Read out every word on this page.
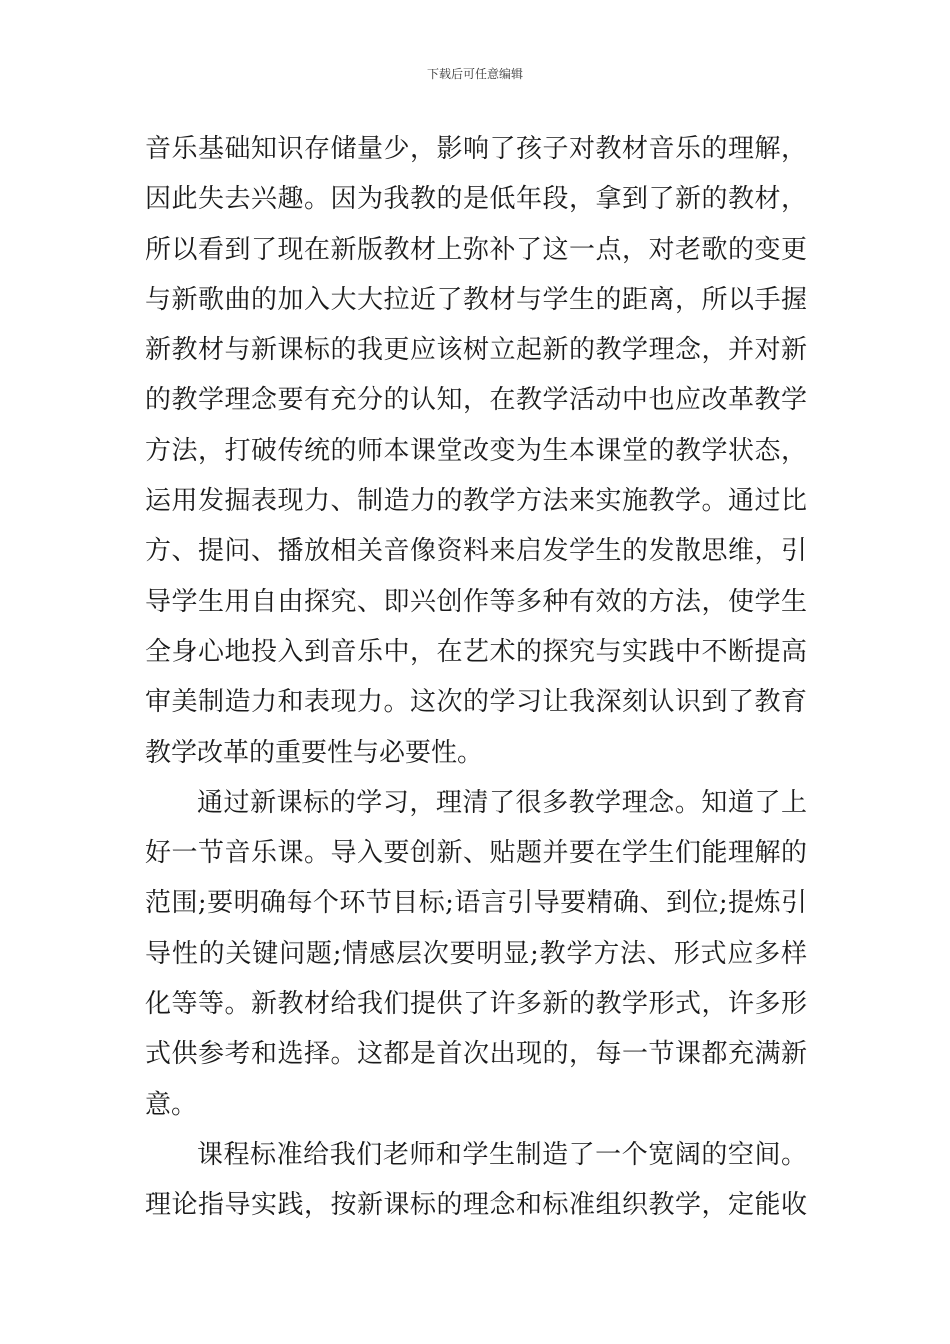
下载后可任意编辑
音乐基础知识存储量少，影响了孩子对教材音乐的理解，
因此失去兴趣。因为我教的是低年段，拿到了新的教材，
所以看到了现在新版教材上弥补了这一点，对老歌的变更
与新歌曲的加入大大拉近了教材与学生的距离，所以手握
新教材与新课标的我更应该树立起新的教学理念，并对新
的教学理念要有充分的认知，在教学活动中也应改革教学
方法，打破传统的师本课堂改变为生本课堂的教学状态，
运用发掘表现力、制造力的教学方法来实施教学。通过比
方、提问、播放相关音像资料来启发学生的发散思维，引
导学生用自由探究、即兴创作等多种有效的方法，使学生
全身心地投入到音乐中，在艺术的探究与实践中不断提高
审美制造力和表现力。这次的学习让我深刻认识到了教育
教学改革的重要性与必要性。
通过新课标的学习，理清了很多教学理念。知道了上
好一节音乐课。导入要创新、贴题并要在学生们能理解的
范围;要明确每个环节目标;语言引导要精确、到位;提炼引
导性的关键问题;情感层次要明显;教学方法、形式应多样
化等等。新教材给我们提供了许多新的教学形式，许多形
式供参考和选择。这都是首次出现的，每一节课都充满新
意。
课程标准给我们老师和学生制造了一个宽阔的空间。
理论指导实践，按新课标的理念和标准组织教学，定能收
